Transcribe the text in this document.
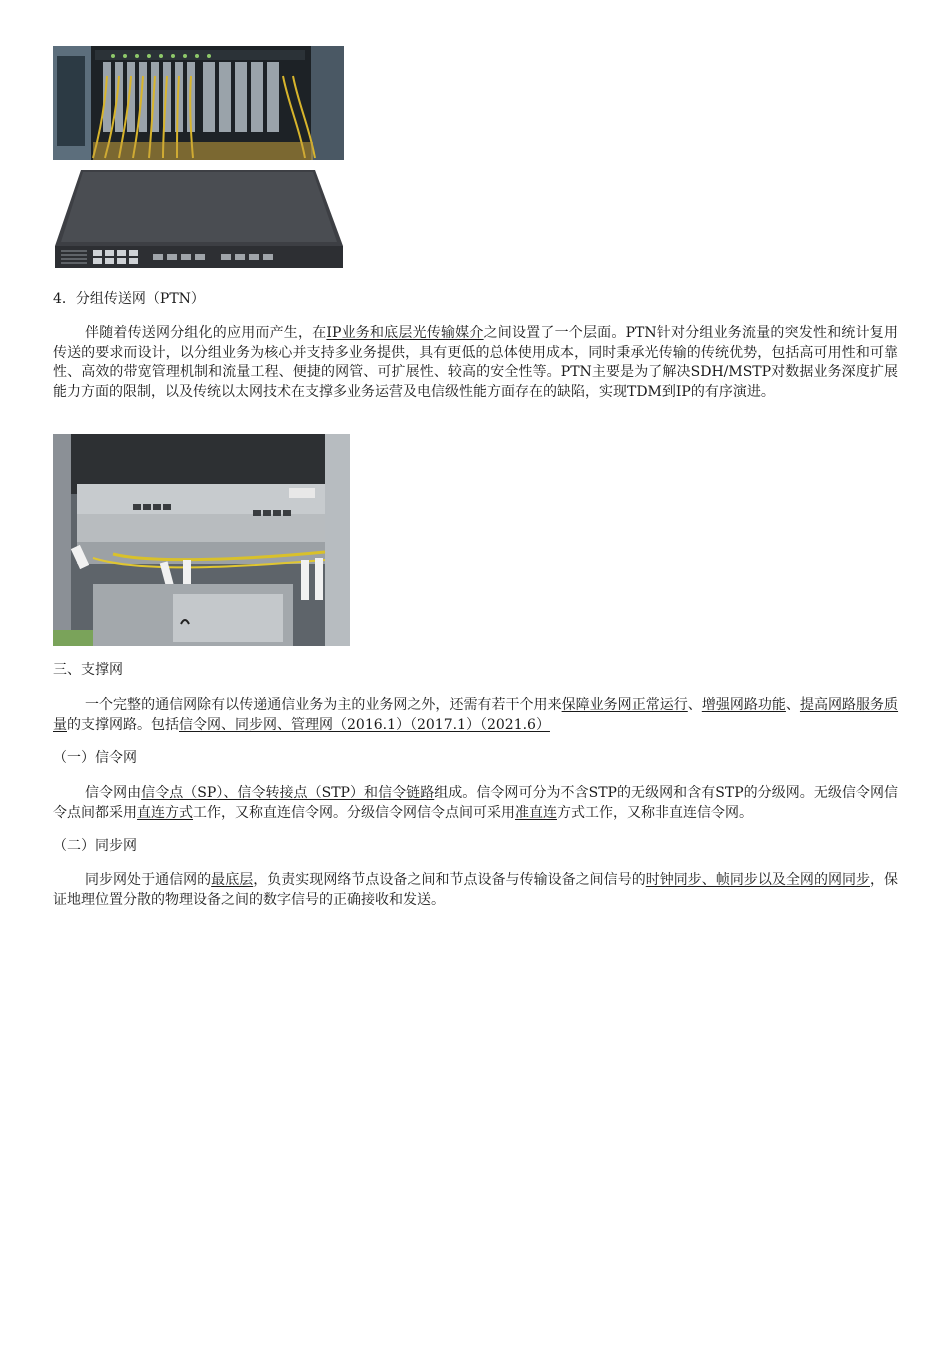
4．分组传送网（PTN）
伴随着传送网分组化的应用而产生，在IP业务和底层光传输媒介之间设置了一个层面。PTN针对分组业务流量的突发性和统计复用传送的要求而设计，以分组业务为核心并支持多业务提供，具有更低的总体使用成本，同时秉承光传输的传统优势，包括高可用性和可靠性、高效的带宽管理机制和流量工程、便捷的网管、可扩展性、较高的安全性等。PTN主要是为了解决SDH/MSTP对数据业务深度扩展能力方面的限制，以及传统以太网技术在支撑多业务运营及电信级性能方面存在的缺陷，实现TDM到IP的有序演进。
三、支撑网
一个完整的通信网除有以传递通信业务为主的业务网之外，还需有若干个用来保障业务网正常运行、增强网路功能、提高网路服务质量的支撑网路。包括信令网、同步网、管理网（2016.1）（2017.1）（2021.6）
（一）信令网
信令网由信令点（SP）、信令转接点（STP）和信令链路组成。信令网可分为不含STP的无级网和含有STP的分级网。无级信令网信令点间都采用直连方式工作，又称直连信令网。分级信令网信令点间可采用准直连方式工作，又称非直连信令网。
（二）同步网
同步网处于通信网的最底层，负责实现网络节点设备之间和节点设备与传输设备之间信号的时钟同步、帧同步以及全网的网同步，保证地理位置分散的物理设备之间的数字信号的正确接收和发送。
